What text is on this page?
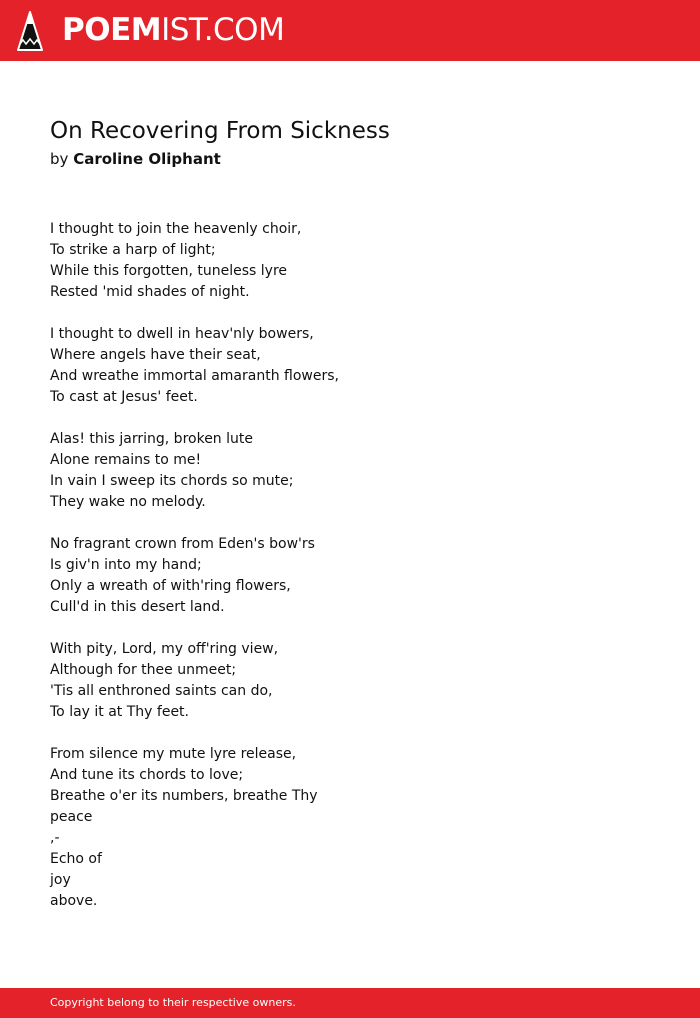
POEMIST.COM
On Recovering From Sickness
by Caroline Oliphant
I thought to join the heavenly choir,
To strike a harp of light;
While this forgotten, tuneless lyre
Rested 'mid shades of night.
I thought to dwell in heav'nly bowers,
Where angels have their seat,
And wreathe immortal amaranth flowers,
To cast at Jesus' feet.
Alas! this jarring, broken lute
Alone remains to me!
In vain I sweep its chords so mute;
They wake no melody.
No fragrant crown from Eden's bow'rs
Is giv'n into my hand;
Only a wreath of with'ring flowers,
Cull'd in this desert land.
With pity, Lord, my off'ring view,
Although for thee unmeet;
'Tis all enthroned saints can do,
To lay it at Thy feet.
From silence my mute lyre release,
And tune its chords to love;
Breathe o'er its numbers, breathe Thy
peace
,-
Echo of
joy
above.
Copyright belong to their respective owners.
